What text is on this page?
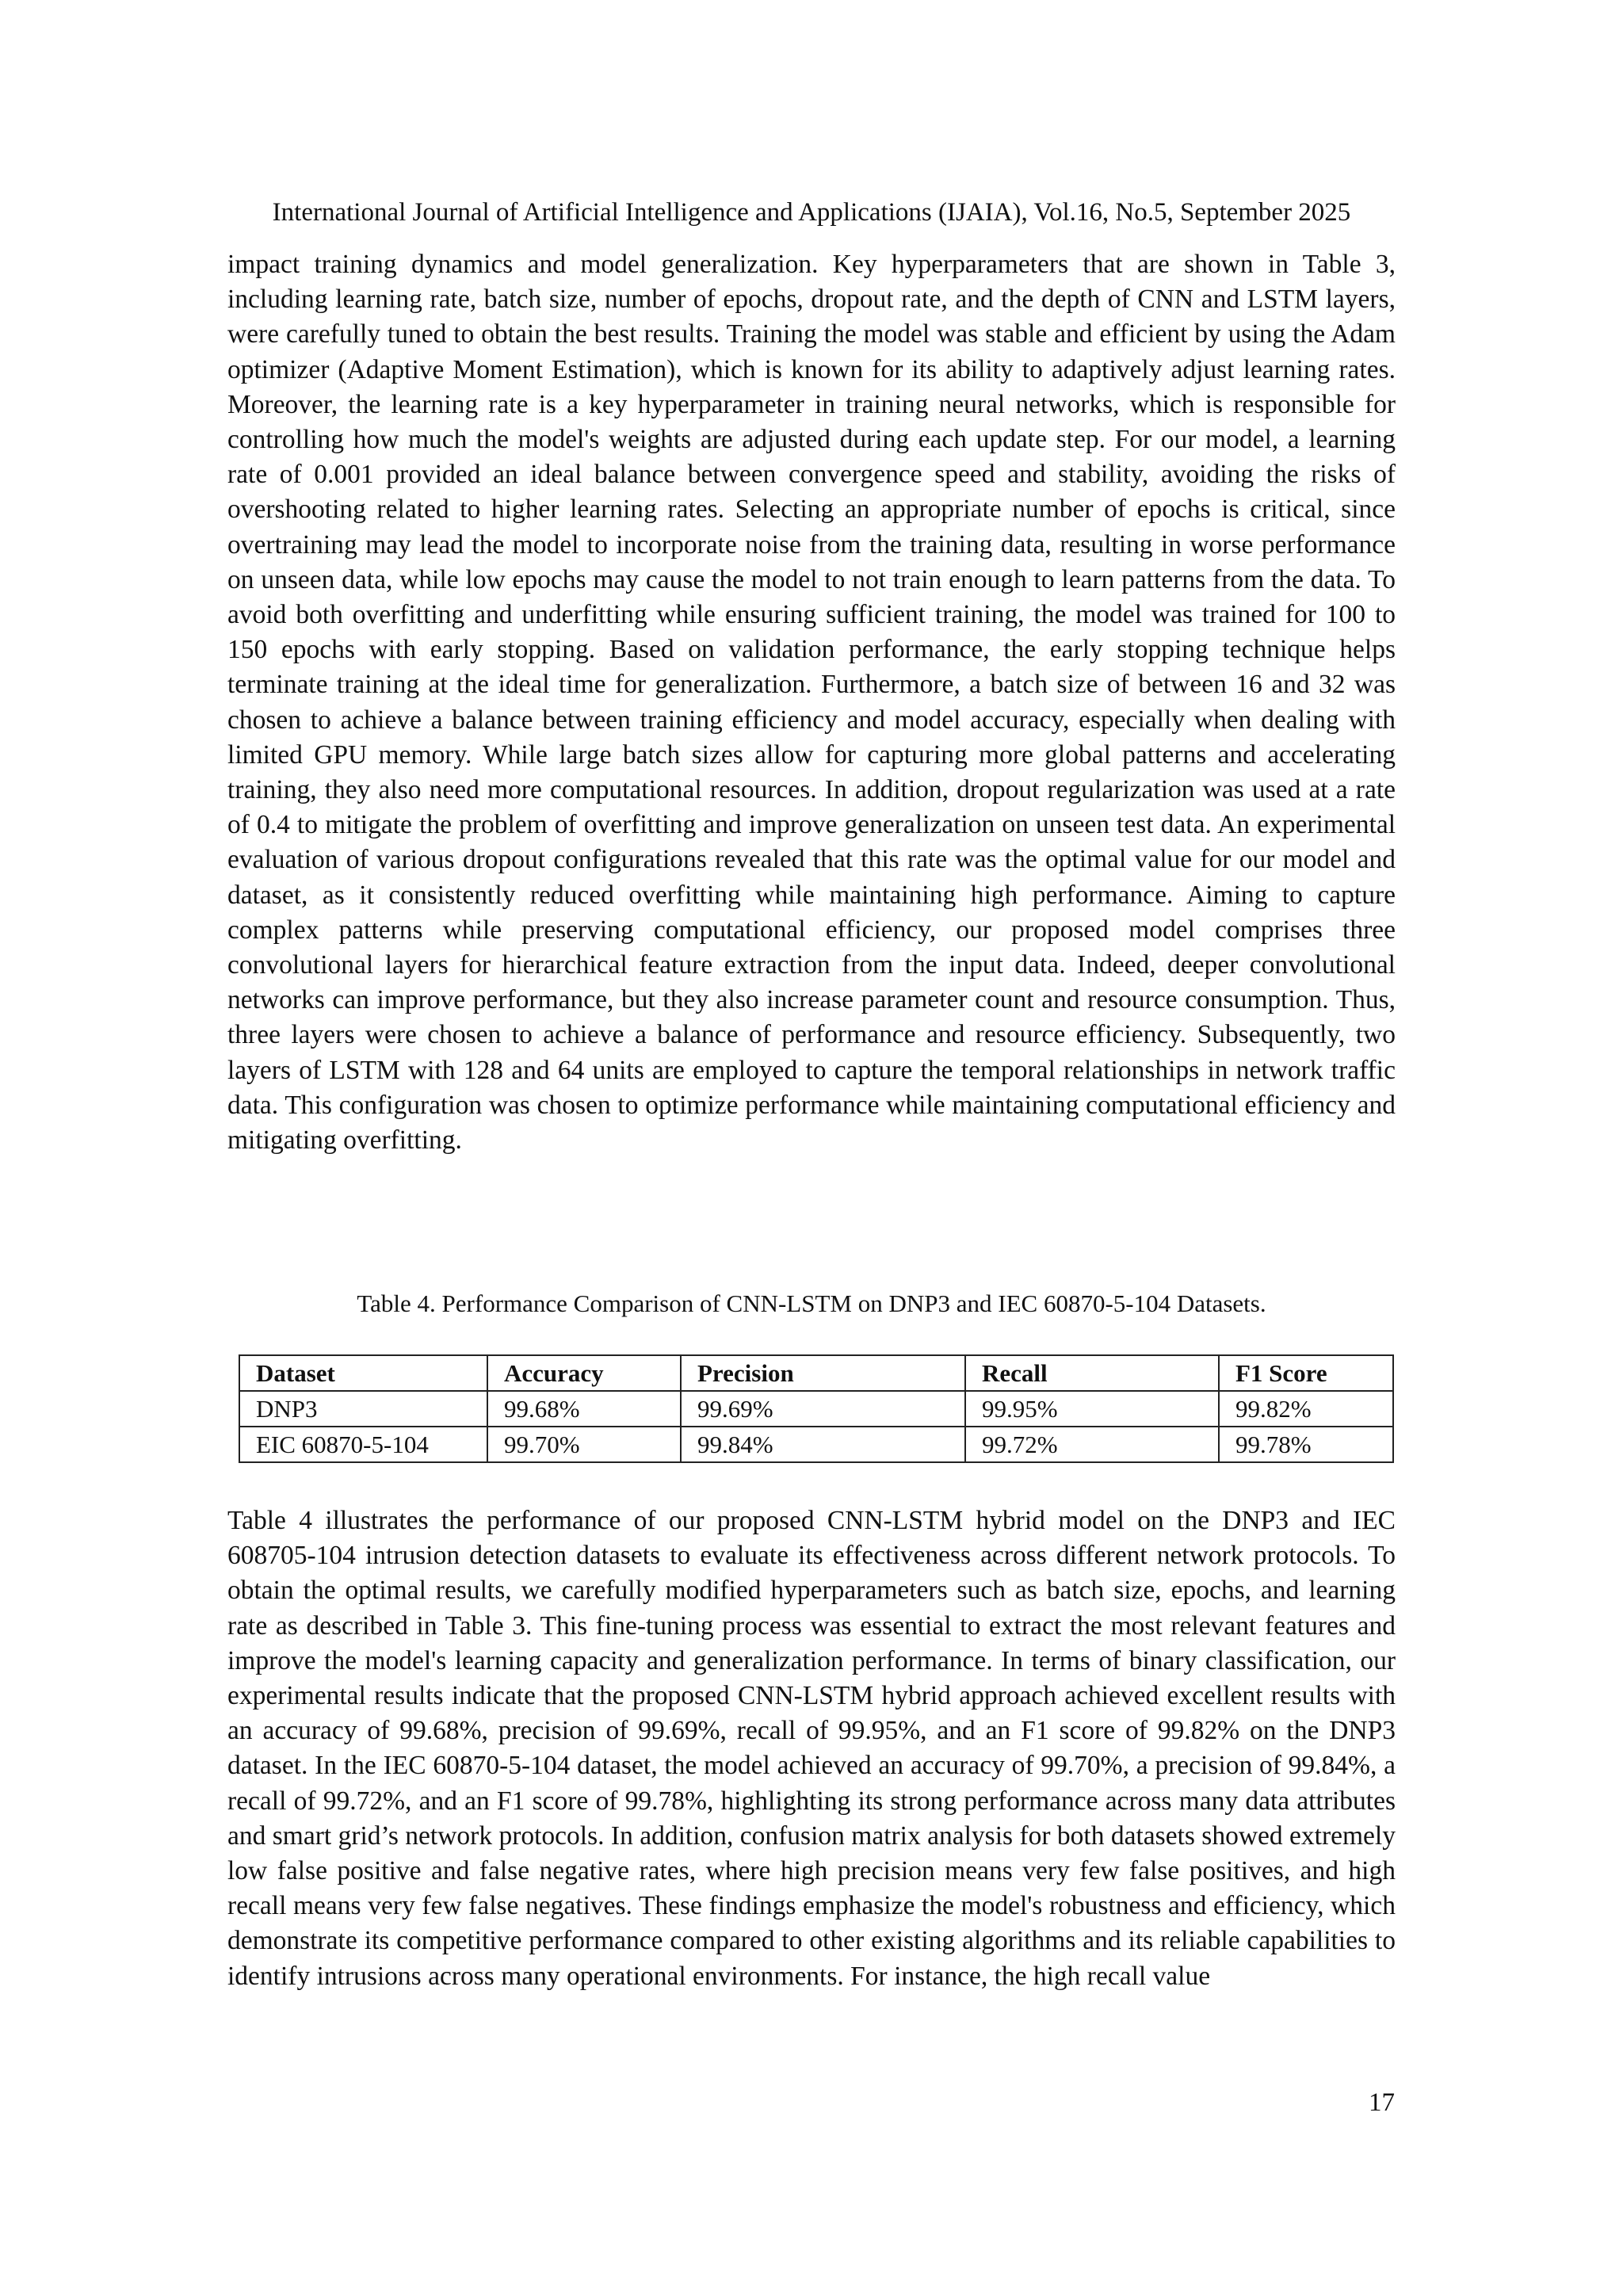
International Journal of Artificial Intelligence and Applications (IJAIA), Vol.16, No.5, September 2025

impact training dynamics and model generalization. Key hyperparameters that are shown in Table 3, including learning rate, batch size, number of epochs, dropout rate, and the depth of CNN and LSTM layers, were carefully tuned to obtain the best results. Training the model was stable and efficient by using the Adam optimizer (Adaptive Moment Estimation), which is known for its ability to adaptively adjust learning rates. Moreover, the learning rate is a key hyperparameter in training neural networks, which is responsible for controlling how much the model's weights are adjusted during each update step. For our model, a learning rate of 0.001 provided an ideal balance between convergence speed and stability, avoiding the risks of overshooting related to higher learning rates. Selecting an appropriate number of epochs is critical, since overtraining may lead the model to incorporate noise from the training data, resulting in worse performance on unseen data, while low epochs may cause the model to not train enough to learn patterns from the data. To avoid both overfitting and underfitting while ensuring sufficient training, the model was trained for 100 to 150 epochs with early stopping. Based on validation performance, the early stopping technique helps terminate training at the ideal time for generalization. Furthermore, a batch size of between 16 and 32 was chosen to achieve a balance between training efficiency and model accuracy, especially when dealing with limited GPU memory. While large batch sizes allow for capturing more global patterns and accelerating training, they also need more computational resources. In addition, dropout regularization was used at a rate of 0.4 to mitigate the problem of overfitting and improve generalization on unseen test data. An experimental evaluation of various dropout configurations revealed that this rate was the optimal value for our model and dataset, as it consistently reduced overfitting while maintaining high performance. Aiming to capture complex patterns while preserving computational efficiency, our proposed model comprises three convolutional layers for hierarchical feature extraction from the input data. Indeed, deeper convolutional networks can improve performance, but they also increase parameter count and resource consumption. Thus, three layers were chosen to achieve a balance of performance and resource efficiency. Subsequently, two layers of LSTM with 128 and 64 units are employed to capture the temporal relationships in network traffic data. This configuration was chosen to optimize performance while maintaining computational efficiency and mitigating overfitting.

Table 4. Performance Comparison of CNN-LSTM on DNP3 and IEC 60870-5-104 Datasets.
Dataset	Accuracy	Precision	Recall	F1 Score
DNP3	99.68%	99.69%	99.95%	99.82%
EIC 60870-5-104	99.70%	99.84%	99.72%	99.78%

Table 4 illustrates the performance of our proposed CNN-LSTM hybrid model on the DNP3 and IEC 608705-104 intrusion detection datasets to evaluate its effectiveness across different network protocols. To obtain the optimal results, we carefully modified hyperparameters such as batch size, epochs, and learning rate as described in Table 3. This fine-tuning process was essential to extract the most relevant features and improve the model's learning capacity and generalization performance. In terms of binary classification, our experimental results indicate that the proposed CNN-LSTM hybrid approach achieved excellent results with an accuracy of 99.68%, precision of 99.69%, recall of 99.95%, and an F1 score of 99.82% on the DNP3 dataset. In the IEC 60870-5-104 dataset, the model achieved an accuracy of 99.70%, a precision of 99.84%, a recall of 99.72%, and an F1 score of 99.78%, highlighting its strong performance across many data attributes and smart grid’s network protocols. In addition, confusion matrix analysis for both datasets showed extremely low false positive and false negative rates, where high precision means very few false positives, and high recall means very few false negatives. These findings emphasize the model's robustness and efficiency, which demonstrate its competitive performance compared to other existing algorithms and its reliable capabilities to identify intrusions across many operational environments. For instance, the high recall value

17
